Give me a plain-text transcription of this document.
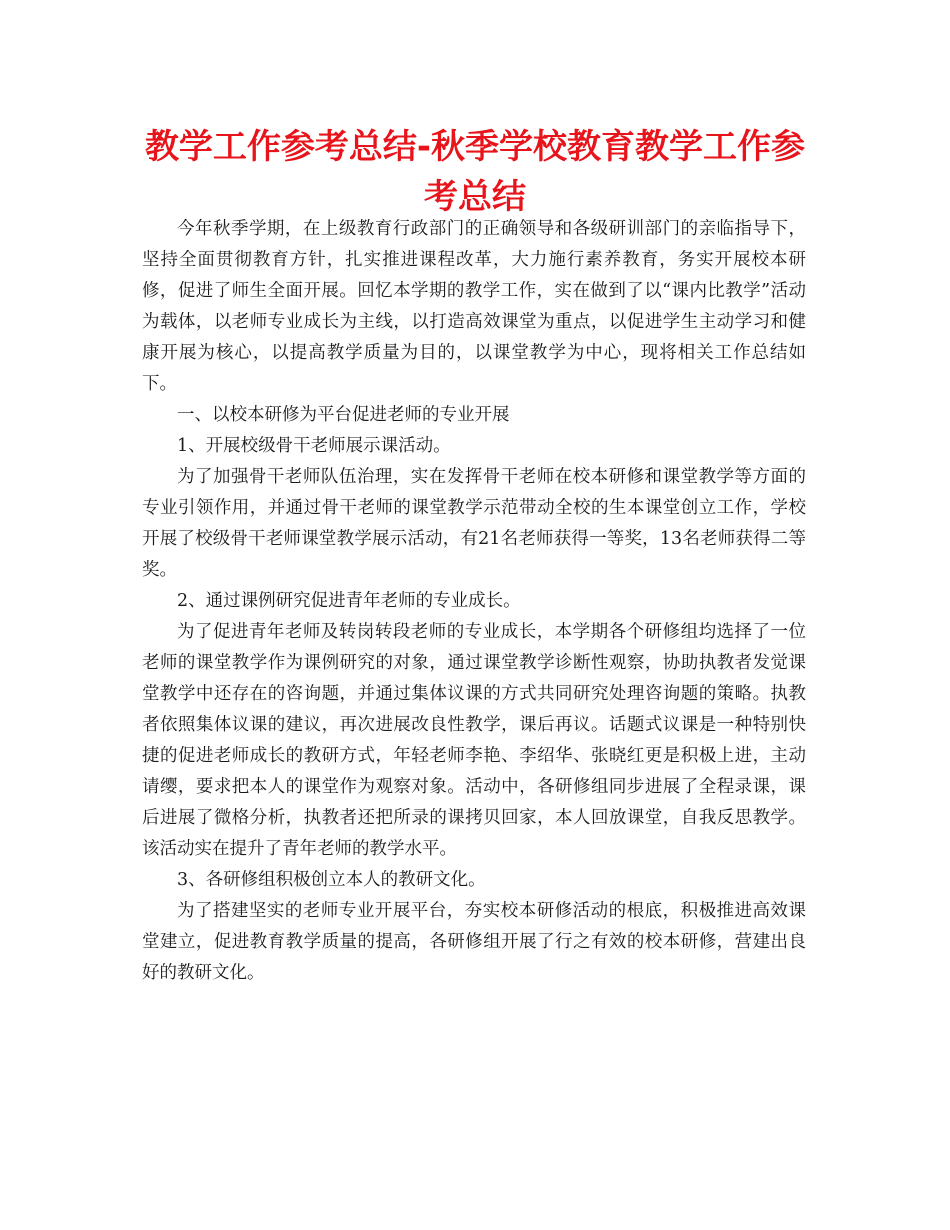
教学工作参考总结-秋季学校教育教学工作参考总结

今年秋季学期，在上级教育行政部门的正确领导和各级研训部门的亲临指导下，坚持全面贯彻教育方针，扎实推进课程改革，大力施行素养教育，务实开展校本研修，促进了师生全面开展。回忆本学期的教学工作，实在做到了以“课内比教学”活动为载体，以老师专业成长为主线，以打造高效课堂为重点，以促进学生主动学习和健康开展为核心，以提高教学质量为目的，以课堂教学为中心，现将相关工作总结如下。

一、以校本研修为平台促进老师的专业开展

1、开展校级骨干老师展示课活动。

为了加强骨干老师队伍治理，实在发挥骨干老师在校本研修和课堂教学等方面的专业引领作用，并通过骨干老师的课堂教学示范带动全校的生本课堂创立工作，学校开展了校级骨干老师课堂教学展示活动，有21名老师获得一等奖，13名老师获得二等奖。

2、通过课例研究促进青年老师的专业成长。

为了促进青年老师及转岗转段老师的专业成长，本学期各个研修组均选择了一位老师的课堂教学作为课例研究的对象，通过课堂教学诊断性观察，协助执教者发觉课堂教学中还存在的咨询题，并通过集体议课的方式共同研究处理咨询题的策略。执教者依照集体议课的建议，再次进展改良性教学，课后再议。话题式议课是一种特别快捷的促进老师成长的教研方式，年轻老师李艳、李绍华、张晓红更是积极上进，主动请缨，要求把本人的课堂作为观察对象。活动中，各研修组同步进展了全程录课，课后进展了微格分析，执教者还把所录的课拷贝回家，本人回放课堂，自我反思教学。该活动实在提升了青年老师的教学水平。

3、各研修组积极创立本人的教研文化。

为了搭建坚实的老师专业开展平台，夯实校本研修活动的根底，积极推进高效课堂建立，促进教育教学质量的提高，各研修组开展了行之有效的校本研修，营建出良好的教研文化。
